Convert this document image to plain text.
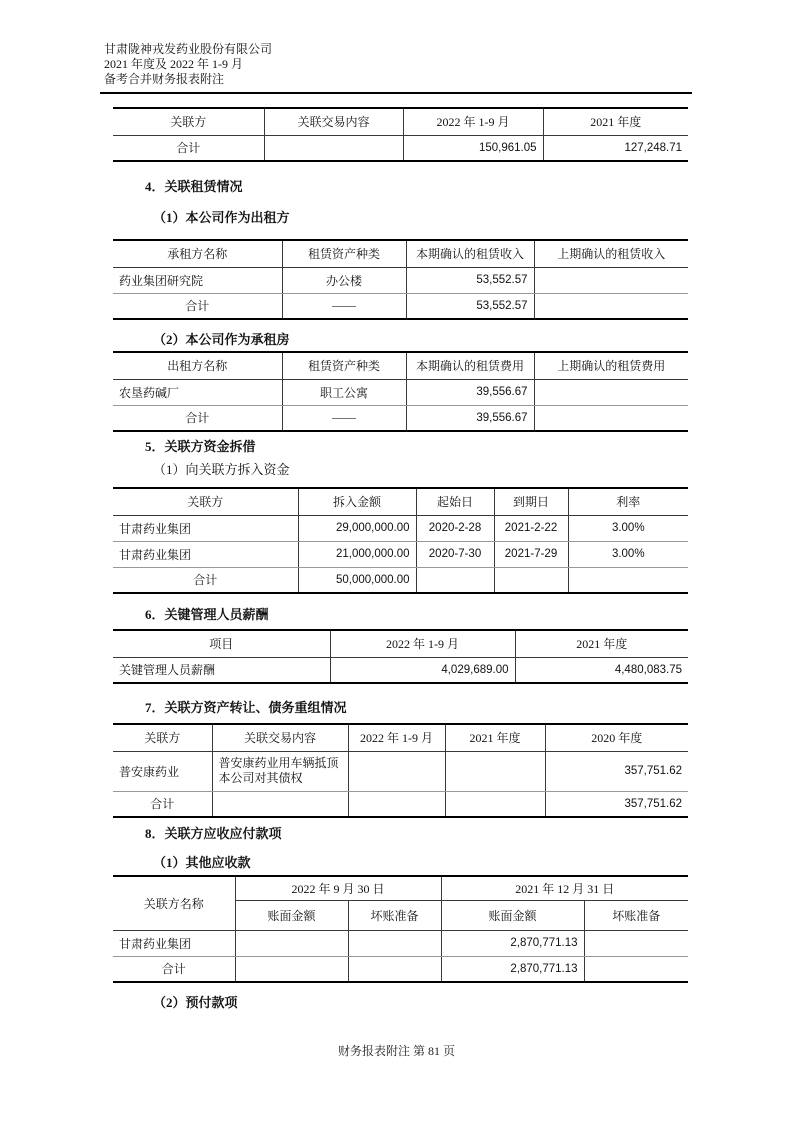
甘肃陇神戎发药业股份有限公司
2021 年度及 2022 年 1-9 月
备考合并财务报表附注
关联方	关联交易内容	2022 年 1-9 月	2021 年度
合计		150,961.05	127,248.71
4．关联租赁情况
（1）本公司作为出租方
承租方名称	租赁资产种类	本期确认的租赁收入	上期确认的租赁收入
药业集团研究院	办公楼	53,552.57	
合计	——	53,552.57	
（2）本公司作为承租房
出租方名称	租赁资产种类	本期确认的租赁费用	上期确认的租赁费用
农垦药碱厂	职工公寓	39,556.67	
合计	——	39,556.67	
5．关联方资金拆借
（1）向关联方拆入资金
关联方	拆入金额	起始日	到期日	利率
甘肃药业集团	29,000,000.00	2020-2-28	2021-2-22	3.00%
甘肃药业集团	21,000,000.00	2020-7-30	2021-7-29	3.00%
合计	50,000,000.00			
6．关键管理人员薪酬
项目	2022 年 1-9 月	2021 年度
关键管理人员薪酬	4,029,689.00	4,480,083.75
7．关联方资产转让、债务重组情况
关联方	关联交易内容	2022 年 1-9 月	2021 年度	2020 年度
普安康药业	普安康药业用车辆抵顶本公司对其债权			357,751.62
合计				357,751.62
8．关联方应收应付款项
（1）其他应收款
关联方名称	2022 年 9 月 30 日		2021 年 12 月 31 日	
	账面金额	坏账准备	账面金额	坏账准备
甘肃药业集团			2,870,771.13	
合计			2,870,771.13	
（2）预付款项
财务报表附注 第 81 页
